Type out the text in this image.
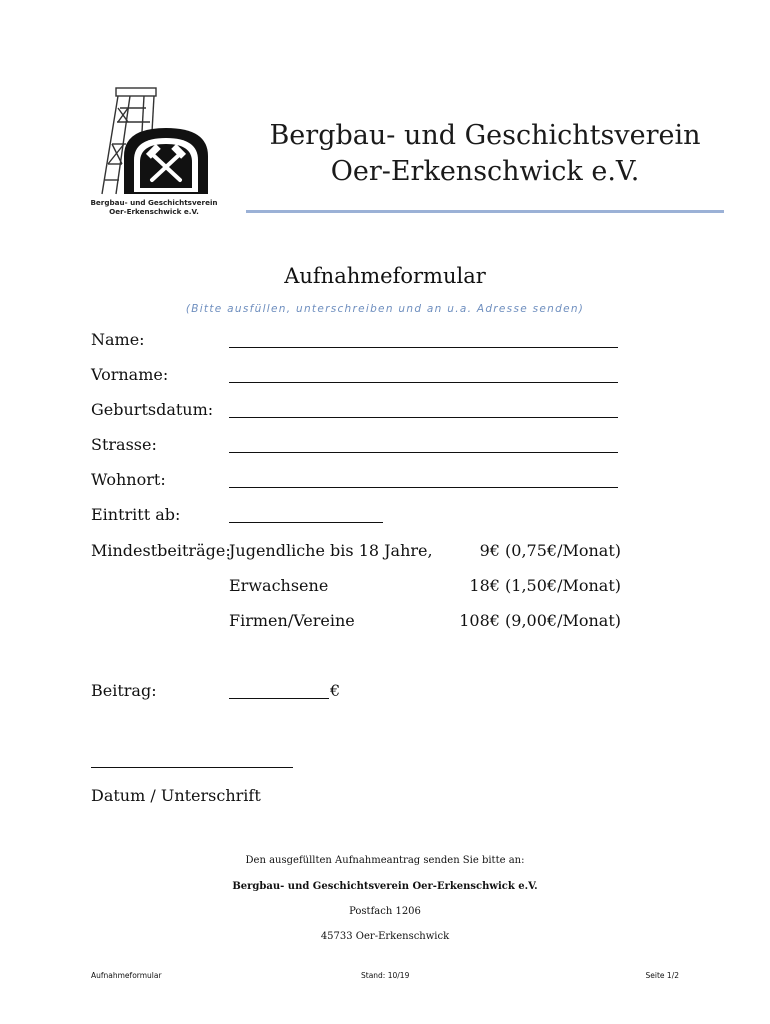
Bergbau- und Geschichtsverein
Oer-Erkenschwick e.V.
Bergbau- und Geschichtsverein
Oer-Erkenschwick e.V.
Aufnahmeformular
(Bitte ausfüllen, unterschreiben und an u.a. Adresse senden)
Name:
Vorname:
Geburtsdatum:
Strasse:
Wohnort:
Eintritt ab:
Mindestbeiträge:
Jugendliche bis 18 Jahre,	9€ (0,75€/Monat)
Erwachsene	18€ (1,50€/Monat)
Firmen/Vereine	108€ (9,00€/Monat)
Beitrag:	€
Datum / Unterschrift
Den ausgefüllten Aufnahmeantrag senden Sie bitte an:
Bergbau- und Geschichtsverein Oer-Erkenschwick e.V.
Postfach 1206
45733 Oer-Erkenschwick
Aufnahmeformular	Stand: 10/19	Seite 1/2
